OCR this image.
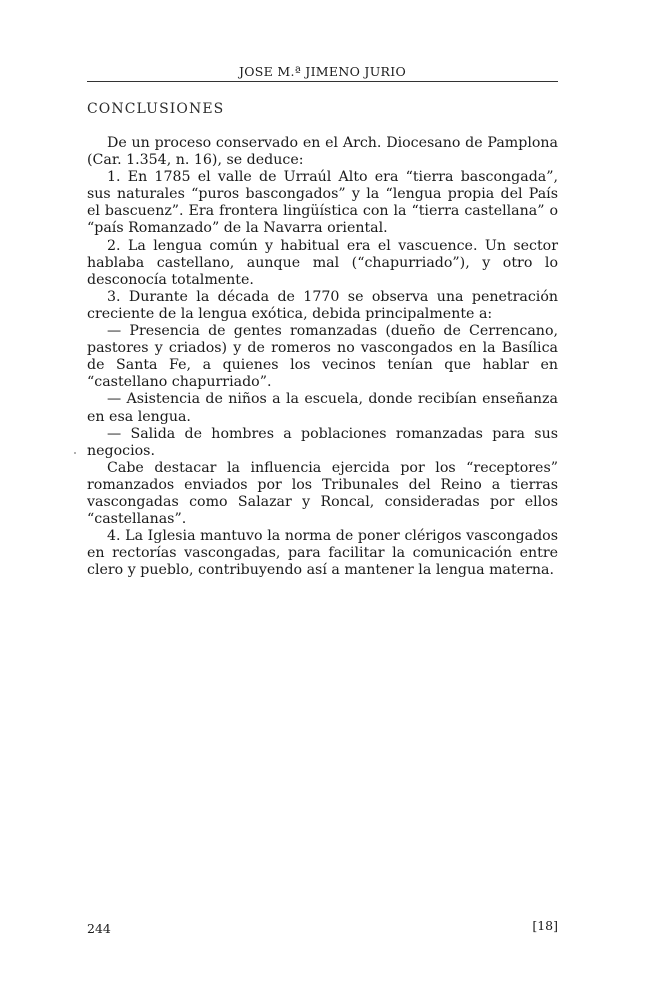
JOSE M.ª JIMENO JURIO
CONCLUSIONES

De un proceso conservado en el Arch. Diocesano de Pamplona (Car. 1.354, n. 16), se deduce:

1. En 1785 el valle de Urraúl Alto era “tierra bascongada”, sus naturales “puros bascongados” y la “lengua propia del País el bascuenz”. Era frontera lingüística con la “tierra castellana” o “país Romanzado” de la Navarra oriental.

2. La lengua común y habitual era el vascuence. Un sector hablaba castellano, aunque mal (“chapurriado”), y otro lo desconocía totalmente.

3. Durante la década de 1770 se observa una penetración creciente de la lengua exótica, debida principalmente a:

— Presencia de gentes romanzadas (dueño de Cerrencano, pastores y criados) y de romeros no vascongados en la Basílica de Santa Fe, a quienes los vecinos tenían que hablar en “castellano chapurriado”.

— Asistencia de niños a la escuela, donde recibían enseñanza en esa lengua.

— Salida de hombres a poblaciones romanzadas para sus negocios.

Cabe destacar la influencia ejercida por los “receptores” romanzados enviados por los Tribunales del Reino a tierras vascongadas como Salazar y Roncal, consideradas por ellos “castellanas”.

4. La Iglesia mantuvo la norma de poner clérigos vascongados en rectorías vascongadas, para facilitar la comunicación entre clero y pueblo, contribuyendo así a mantener la lengua materna.

244	[18]
